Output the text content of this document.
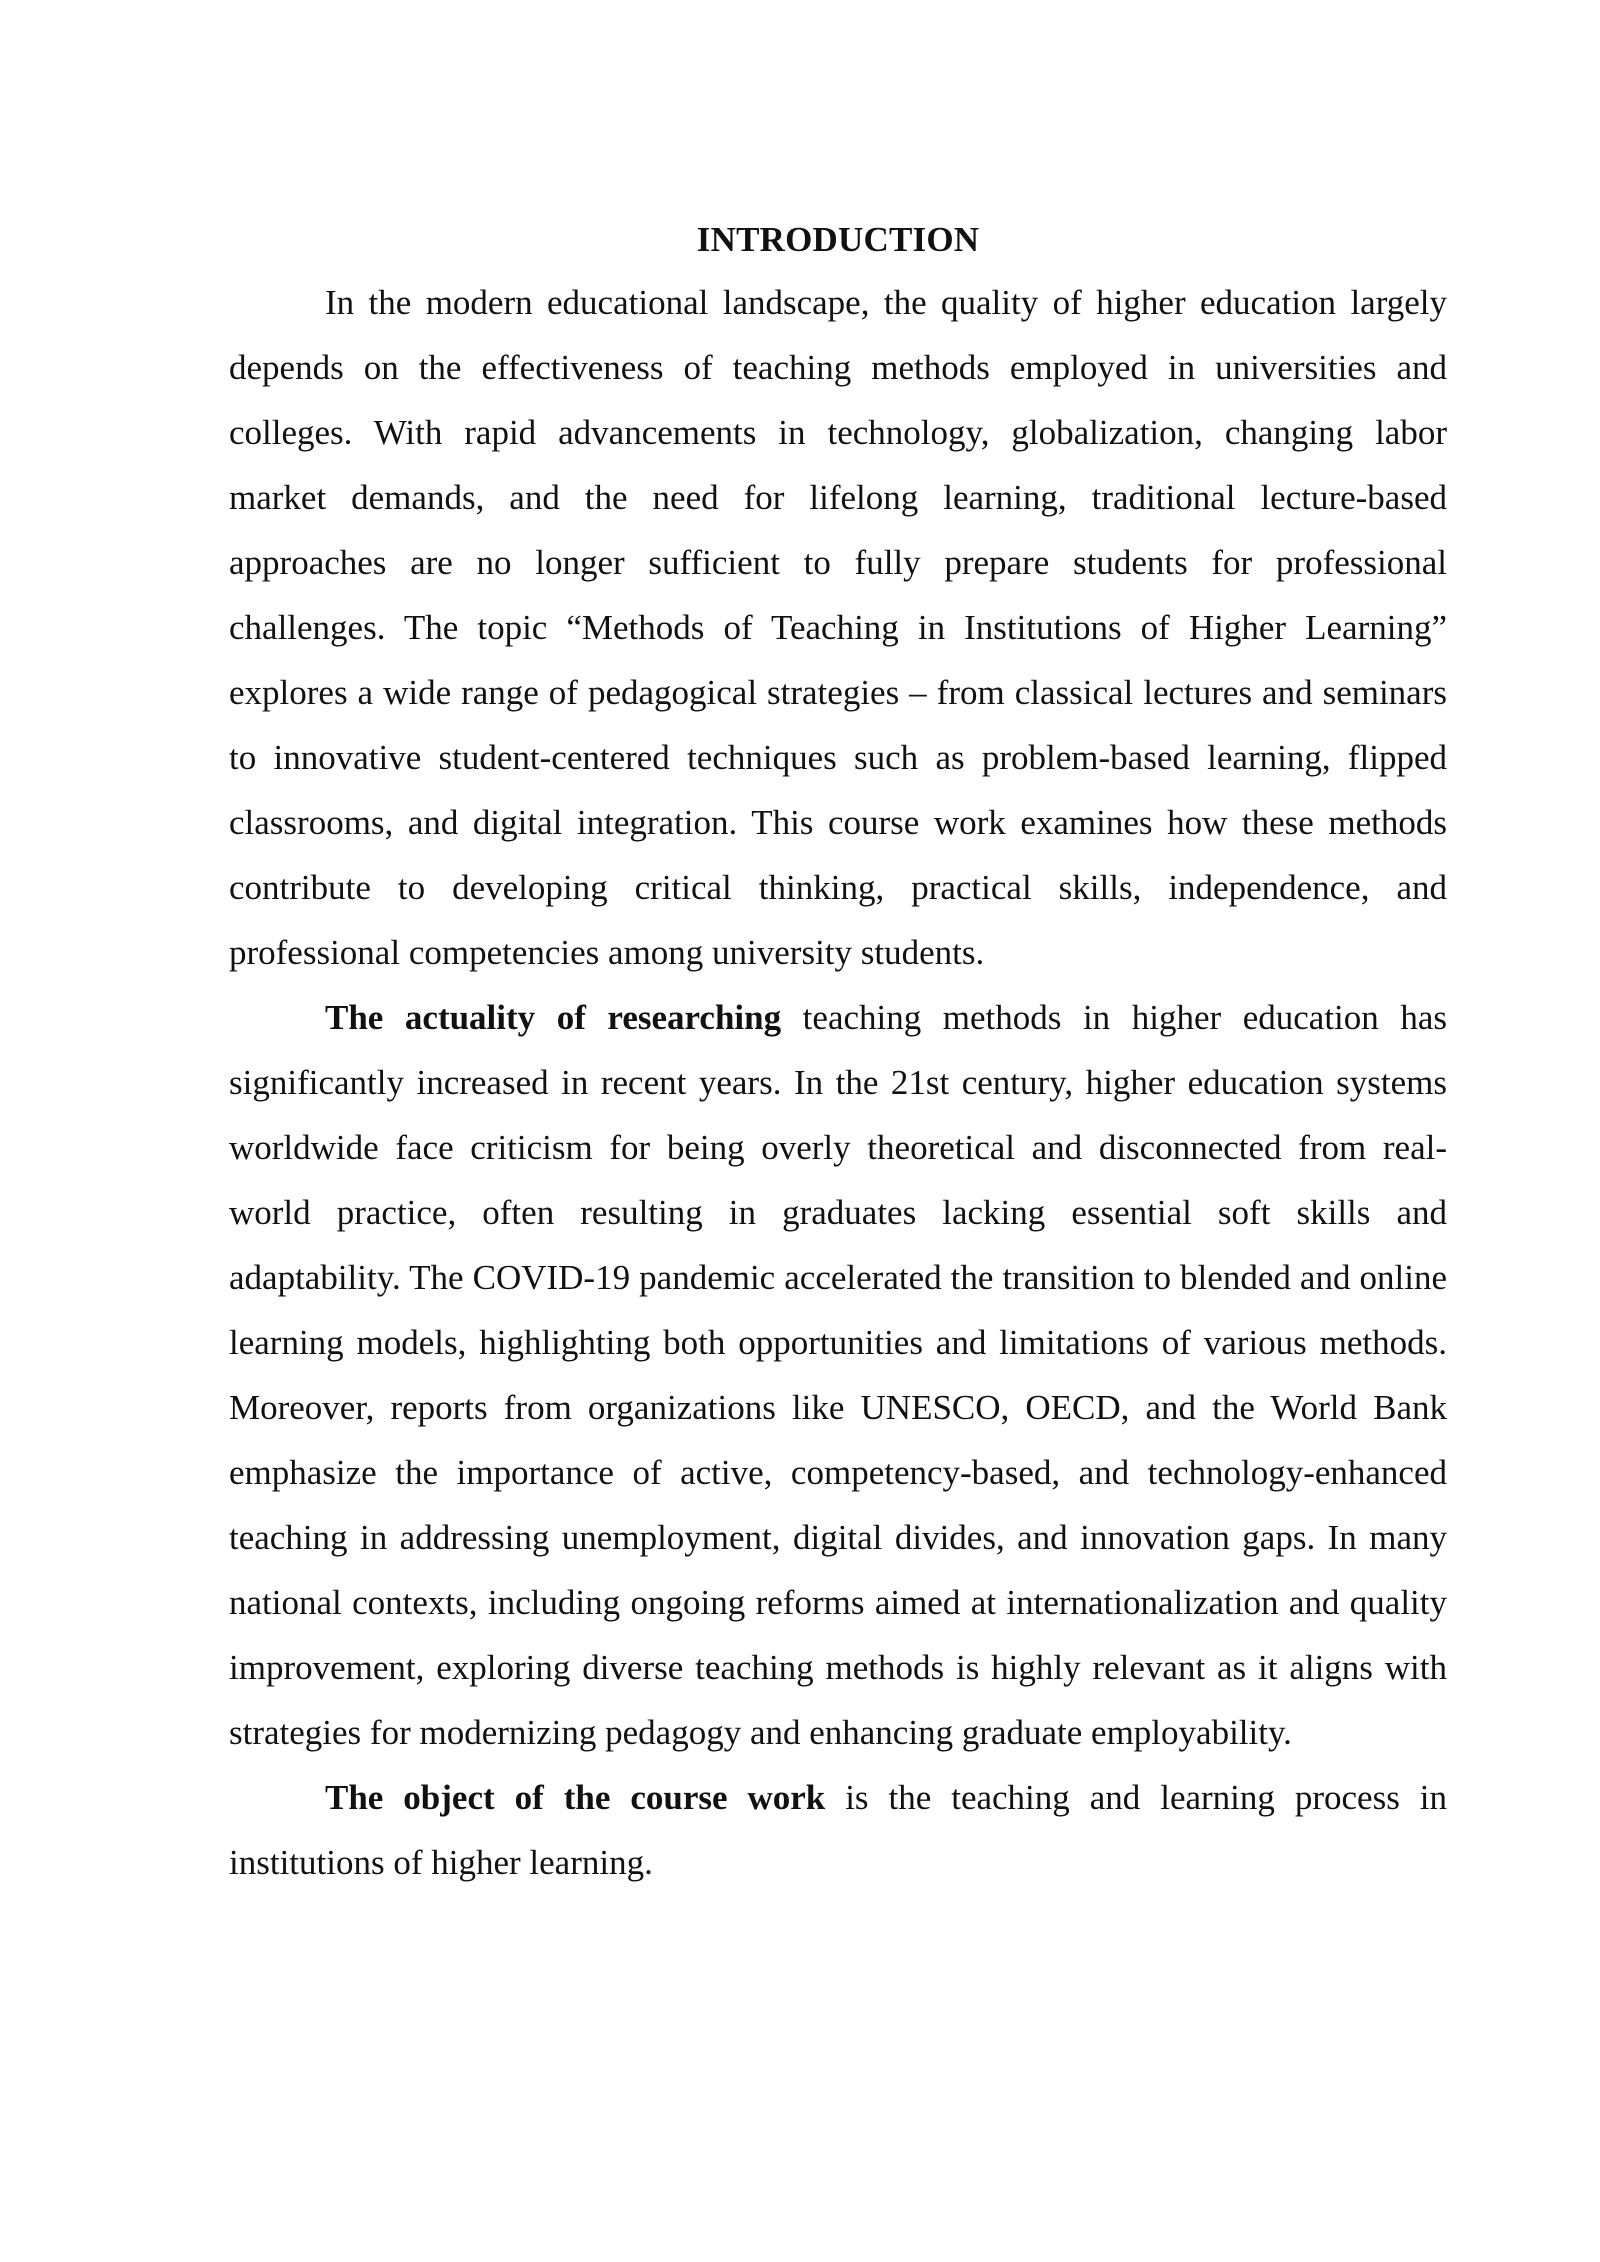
INTRODUCTION

In the modern educational landscape, the quality of higher education largely depends on the effectiveness of teaching methods employed in universities and colleges. With rapid advancements in technology, globalization, changing labor market demands, and the need for lifelong learning, traditional lecture-based approaches are no longer sufficient to fully prepare students for professional challenges. The topic “Methods of Teaching in Institutions of Higher Learning” explores a wide range of pedagogical strategies – from classical lectures and seminars to innovative student-centered techniques such as problem-based learning, flipped classrooms, and digital integration. This course work examines how these methods contribute to developing critical thinking, practical skills, independence, and professional competencies among university students.

The actuality of researching teaching methods in higher education has significantly increased in recent years. In the 21st century, higher education systems worldwide face criticism for being overly theoretical and disconnected from real-world practice, often resulting in graduates lacking essential soft skills and adaptability. The COVID-19 pandemic accelerated the transition to blended and online learning models, highlighting both opportunities and limitations of various methods. Moreover, reports from organizations like UNESCO, OECD, and the World Bank emphasize the importance of active, competency-based, and technology-enhanced teaching in addressing unemployment, digital divides, and innovation gaps. In many national contexts, including ongoing reforms aimed at internationalization and quality improvement, exploring diverse teaching methods is highly relevant as it aligns with strategies for modernizing pedagogy and enhancing graduate employability.

The object of the course work is the teaching and learning process in institutions of higher learning.
